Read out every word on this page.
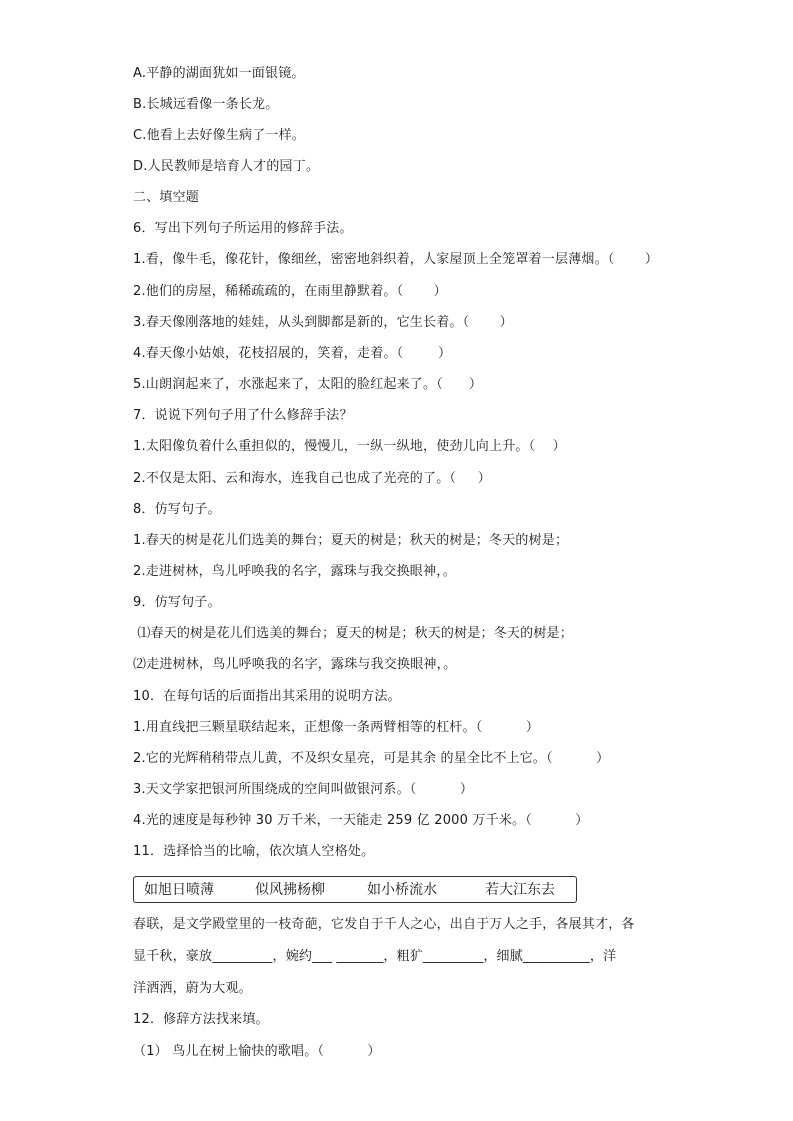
A.平静的湖面犹如一面银镜。
B.长城远看像一条长龙。
C.他看上去好像生病了一样。
D.人民教师是培育人才的园丁。
二、填空题
6．写出下列句子所运用的修辞手法。
1.看，像牛毛，像花针，像细丝，密密地斜织着，人家屋顶上全笼罩着一层薄烟。（       ）
2.他们的房屋，稀稀疏疏的，在雨里静默着。（       ）
3.春天像刚落地的娃娃，从头到脚都是新的，它生长着。（       ）
4.春天像小姑娘，花枝招展的，笑着，走着。（        ）
5.山朗润起来了，水涨起来了，太阳的脸红起来了。（      ）
7．说说下列句子用了什么修辞手法？
1.太阳像负着什么重担似的，慢慢儿，一纵一纵地，使劲儿向上升。（    ）
2.不仅是太阳、云和海水，连我自己也成了光亮的了。（     ）
8．仿写句子。
1.春天的树是花儿们选美的舞台；夏天的树是；秋天的树是；冬天的树是；
2.走进树林，鸟儿呼唤我的名字，露珠与我交换眼神，。
9．仿写句子。
⑴春天的树是花儿们选美的舞台；夏天的树是；秋天的树是；冬天的树是；
⑵走进树林，鸟儿呼唤我的名字，露珠与我交换眼神，。
10．在每句话的后面指出其采用的说明方法。
1.用直线把三颗星联结起来，正想像一条两臂相等的杠杆。（          ）
2.它的光辉稍稍带点儿黄，不及织女星亮，可是其余 的星全比不上它。（          ）
3.天文学家把银河所围绕成的空间叫做银河系。（          ）
4.光的速度是每秒钟 30 万千米，一天能走 259 亿 2000 万千米。（          ）
11．选择恰当的比喻，依次填人空格处。
如旭日喷薄	似风拂杨柳	如小桥流水	若大江东去
春联，是文学殿堂里的一枝奇葩，它发自于千人之心，出自于万人之手，各展其才，各
显千秋，豪放_________，婉约___ _______，粗犷_________，细腻__________，洋
洋洒洒，蔚为大观。
12．修辞方法找来填。
（1） 鸟儿在树上愉快的歌唱。（          ）
